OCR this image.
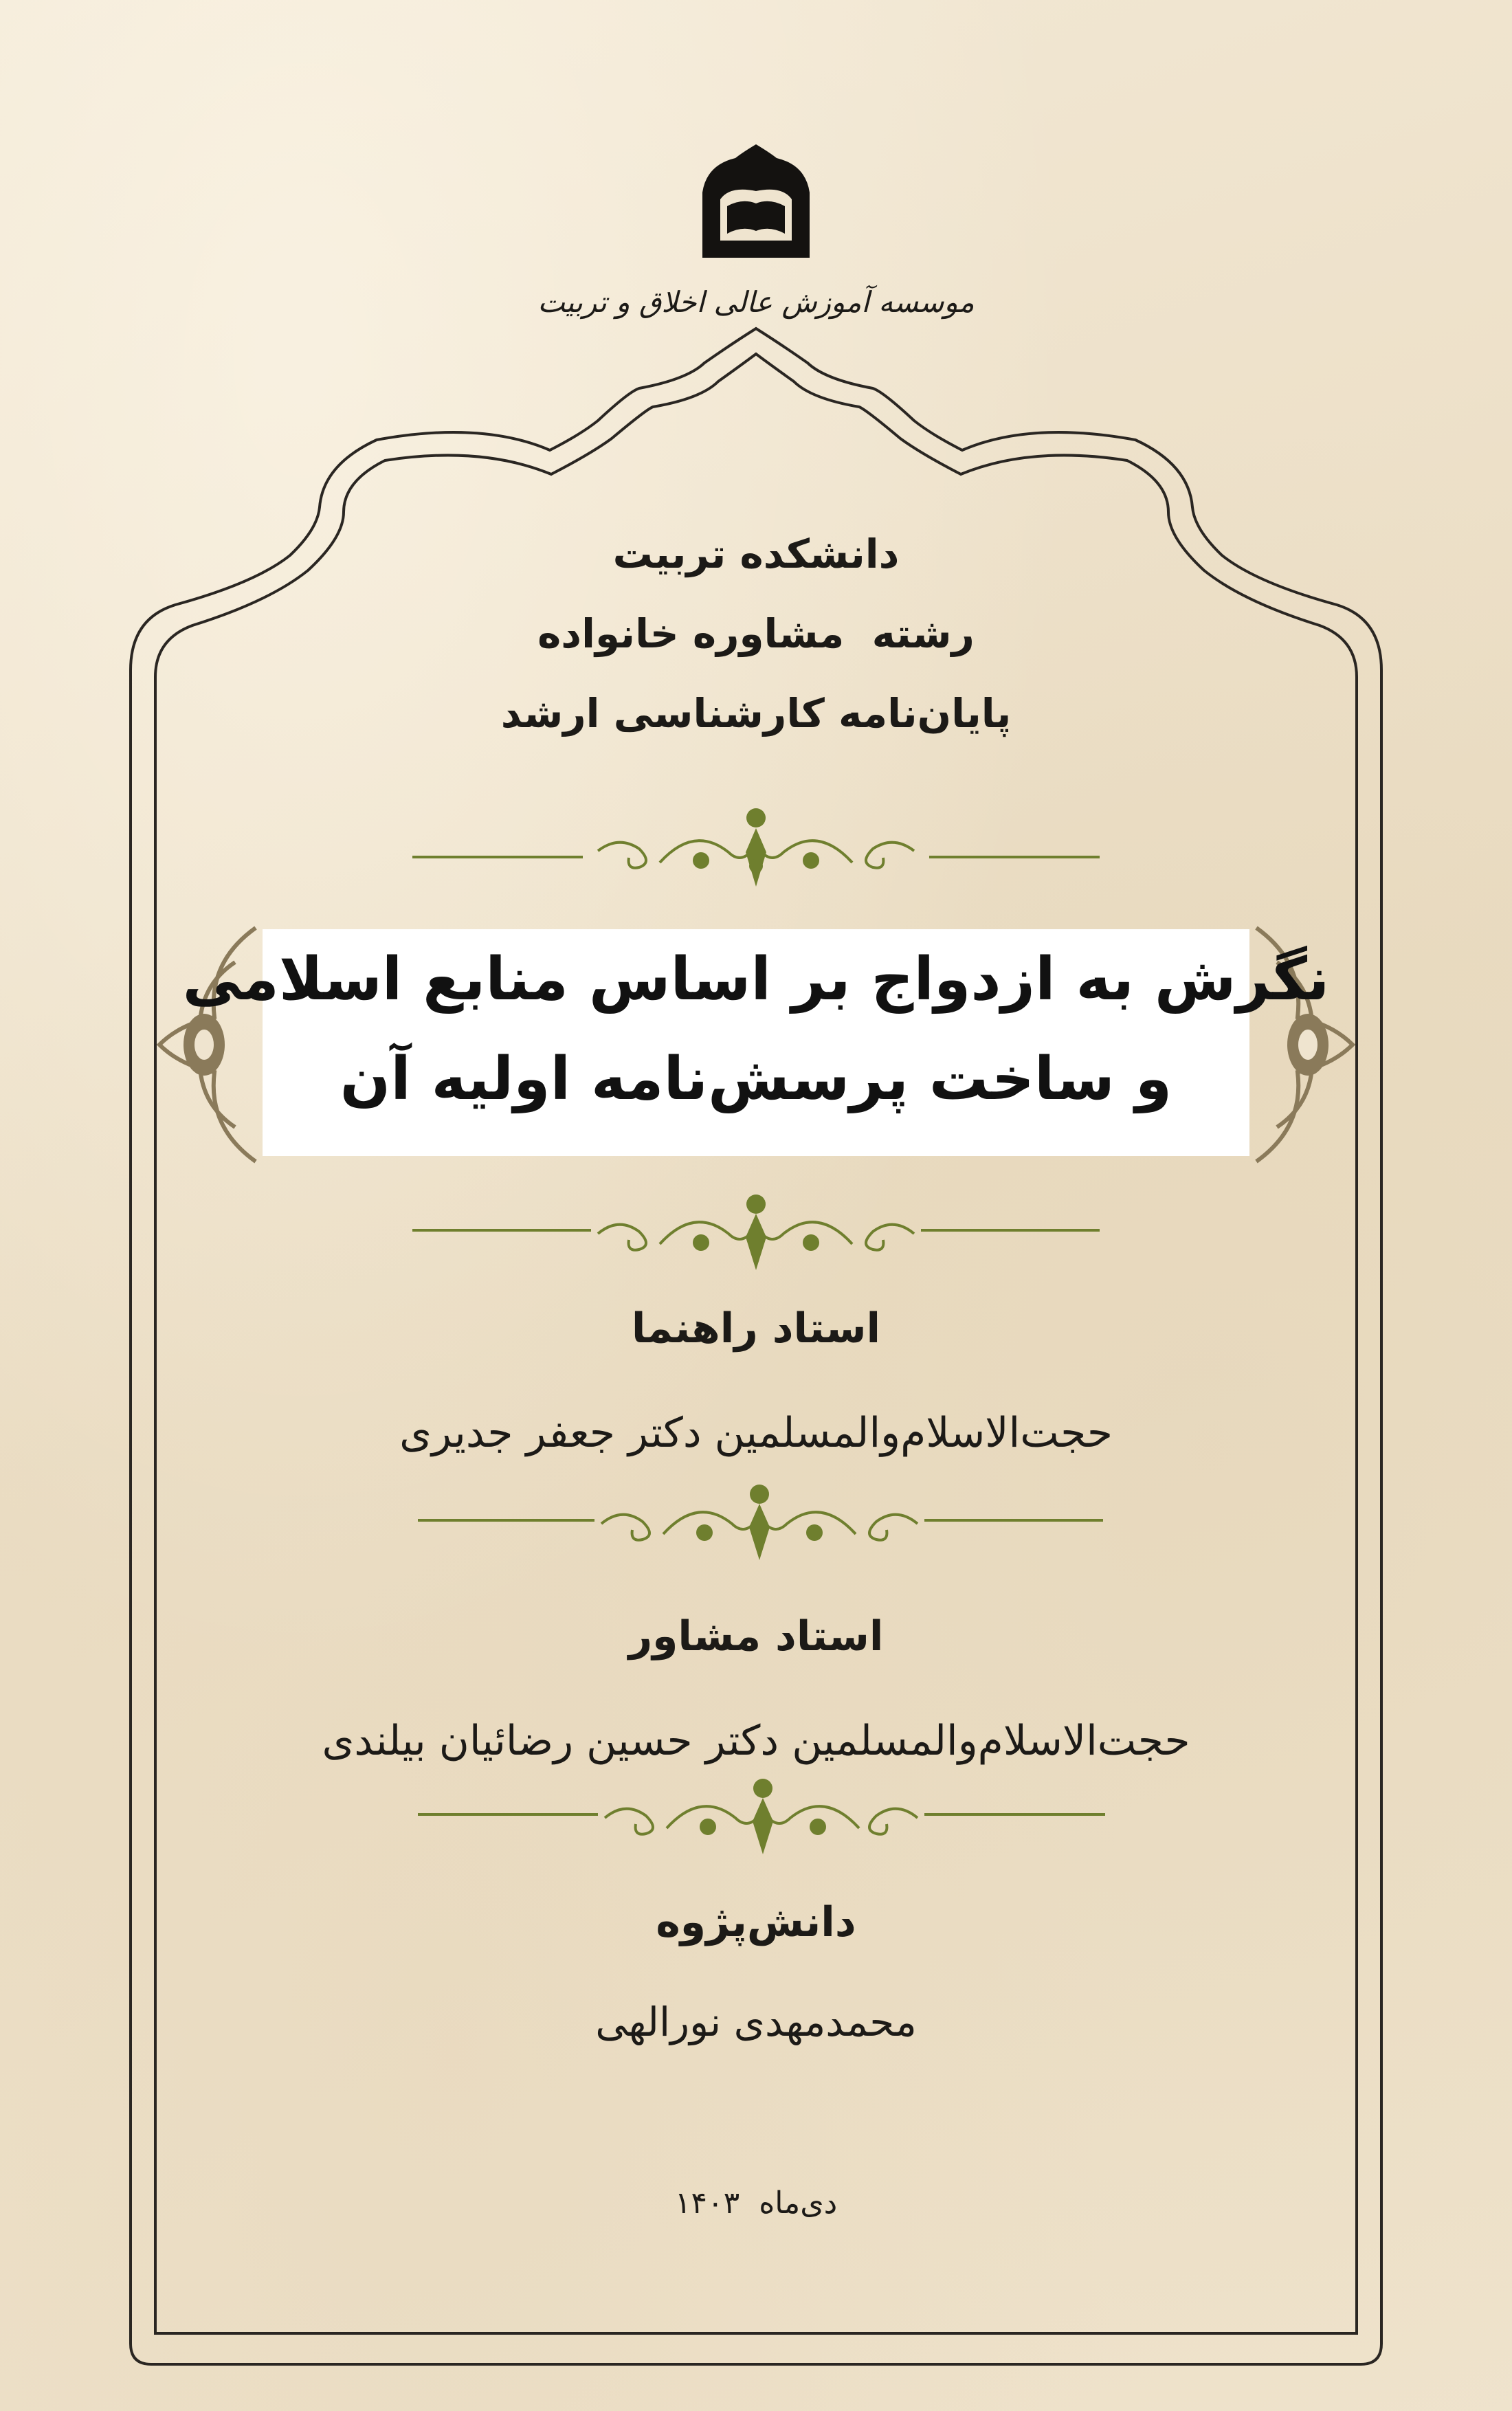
موسسه آموزش عالی اخلاق و تربیت
دانشکده تربیت
رشته  مشاوره خانواده
پایان‌نامه کارشناسی ارشد
نگرش به ازدواج بر اساس منابع اسلامی
و ساخت پرسش‌نامه اولیه آن
استاد راهنما
حجت‌الاسلام‌والمسلمین دکتر جعفر جدیری
استاد مشاور
حجت‌الاسلام‌والمسلمین دکتر حسین رضائیان بیلندی
دانش‌پژوه
محمدمهدی نورالهی
دی‌ماه  ۱۴۰۳
